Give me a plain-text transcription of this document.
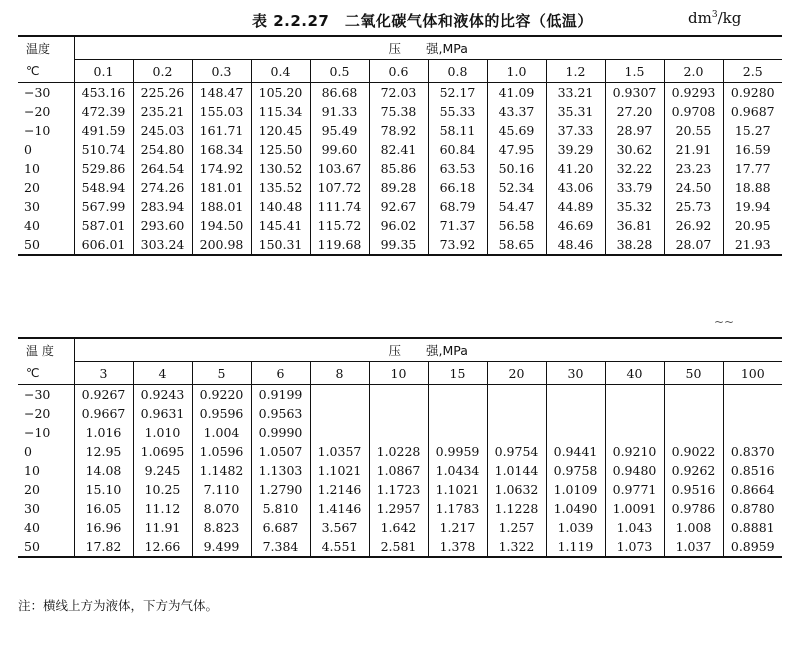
表 2.2.27　二氧化碳气体和液体的比容（低温）	$dm^3/kg$
温度	压　　强,MPa											
℃	0.1	0.2	0.3	0.4	0.5	0.6	0.8	1.0	1.2	1.5	2.0	2.5
−30	453.16	225.26	148.47	105.20	86.68	72.03	52.17	41.09	33.21	0.9307	0.9293	0.9280
−20	472.39	235.21	155.03	115.34	91.33	75.38	55.33	43.37	35.31	27.20	0.9708	0.9687
−10	491.59	245.03	161.71	120.45	95.49	78.92	58.11	45.69	37.33	28.97	20.55	15.27
0	510.74	254.80	168.34	125.50	99.60	82.41	60.84	47.95	39.29	30.62	21.91	16.59
10	529.86	264.54	174.92	130.52	103.67	85.86	63.53	50.16	41.20	32.22	23.23	17.77
20	548.94	274.26	181.01	135.52	107.72	89.28	66.18	52.34	43.06	33.79	24.50	18.88
30	567.99	283.94	188.01	140.48	111.74	92.67	68.79	54.47	44.89	35.32	25.73	19.94
40	587.01	293.60	194.50	145.41	115.72	96.02	71.37	56.58	46.69	36.81	26.92	20.95
50	606.01	303.24	200.98	150.31	119.68	99.35	73.92	58.65	48.46	38.28	28.07	21.93
~~
温 度	压　　强,MPa											
℃	3	4	5	6	8	10	15	20	30	40	50	100
−30	0.9267	0.9243	0.9220	0.9199								
−20	0.9667	0.9631	0.9596	0.9563								
−10	1.016	1.010	1.004	0.9990								
0	12.95	1.0695	1.0596	1.0507	1.0357	1.0228	0.9959	0.9754	0.9441	0.9210	0.9022	0.8370
10	14.08	9.245	1.1482	1.1303	1.1021	1.0867	1.0434	1.0144	0.9758	0.9480	0.9262	0.8516
20	15.10	10.25	7.110	1.2790	1.2146	1.1723	1.1021	1.0632	1.0109	0.9771	0.9516	0.8664
30	16.05	11.12	8.070	5.810	1.4146	1.2957	1.1783	1.1228	1.0490	1.0091	0.9786	0.8780
40	16.96	11.91	8.823	6.687	3.567	1.642	1.217	1.257	1.039	1.043	1.008	0.8881
50	17.82	12.66	9.499	7.384	4.551	2.581	1.378	1.322	1.119	1.073	1.037	0.8959
注：横线上方为液体，下方为气体。
